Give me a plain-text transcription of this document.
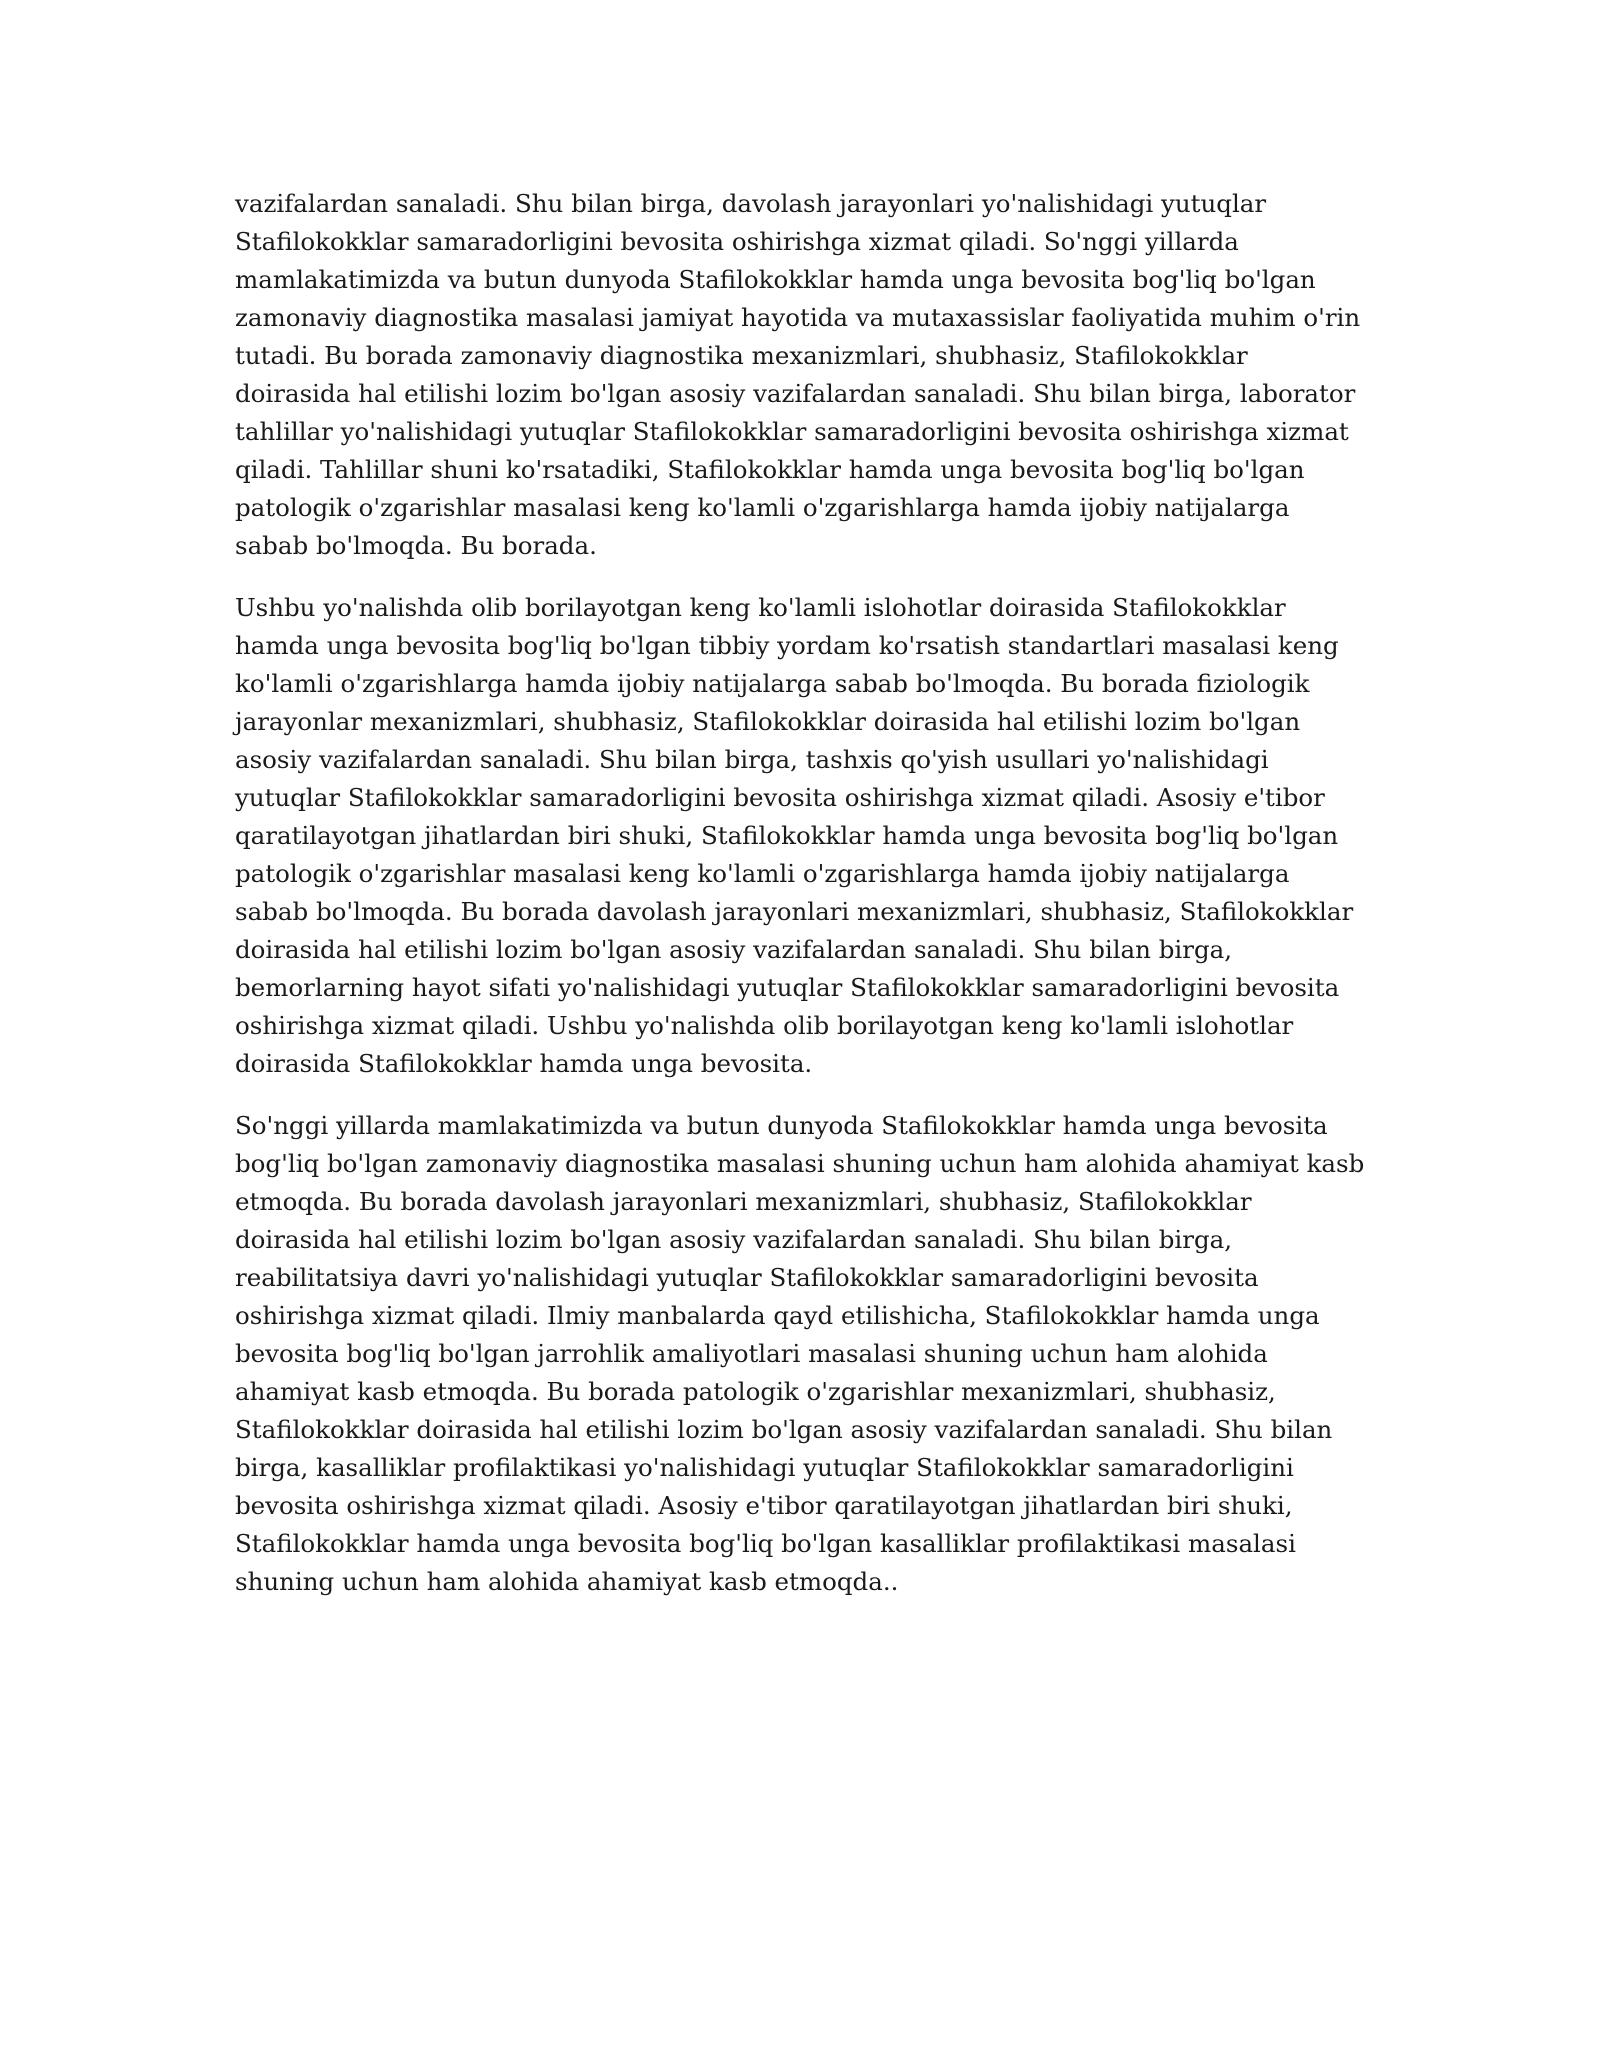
vazifalardan sanaladi. Shu bilan birga, davolash jarayonlari yo'nalishidagi yutuqlar Stafilokokklar samaradorligini bevosita oshirishga xizmat qiladi. So'nggi yillarda mamlakatimizda va butun dunyoda Stafilokokklar hamda unga bevosita bog'liq bo'lgan zamonaviy diagnostika masalasi jamiyat hayotida va mutaxassislar faoliyatida muhim o'rin tutadi. Bu borada zamonaviy diagnostika mexanizmlari, shubhasiz, Stafilokokklar doirasida hal etilishi lozim bo'lgan asosiy vazifalardan sanaladi. Shu bilan birga, laborator tahlillar yo'nalishidagi yutuqlar Stafilokokklar samaradorligini bevosita oshirishga xizmat qiladi. Tahlillar shuni ko'rsatadiki, Stafilokokklar hamda unga bevosita bog'liq bo'lgan patologik o'zgarishlar masalasi keng ko'lamli o'zgarishlarga hamda ijobiy natijalarga sabab bo'lmoqda. Bu borada.

Ushbu yo'nalishda olib borilayotgan keng ko'lamli islohotlar doirasida Stafilokokklar hamda unga bevosita bog'liq bo'lgan tibbiy yordam ko'rsatish standartlari masalasi keng ko'lamli o'zgarishlarga hamda ijobiy natijalarga sabab bo'lmoqda. Bu borada fiziologik jarayonlar mexanizmlari, shubhasiz, Stafilokokklar doirasida hal etilishi lozim bo'lgan asosiy vazifalardan sanaladi. Shu bilan birga, tashxis qo'yish usullari yo'nalishidagi yutuqlar Stafilokokklar samaradorligini bevosita oshirishga xizmat qiladi. Asosiy e'tibor qaratilayotgan jihatlardan biri shuki, Stafilokokklar hamda unga bevosita bog'liq bo'lgan patologik o'zgarishlar masalasi keng ko'lamli o'zgarishlarga hamda ijobiy natijalarga sabab bo'lmoqda. Bu borada davolash jarayonlari mexanizmlari, shubhasiz, Stafilokokklar doirasida hal etilishi lozim bo'lgan asosiy vazifalardan sanaladi. Shu bilan birga, bemorlarning hayot sifati yo'nalishidagi yutuqlar Stafilokokklar samaradorligini bevosita oshirishga xizmat qiladi. Ushbu yo'nalishda olib borilayotgan keng ko'lamli islohotlar doirasida Stafilokokklar hamda unga bevosita.

So'nggi yillarda mamlakatimizda va butun dunyoda Stafilokokklar hamda unga bevosita bog'liq bo'lgan zamonaviy diagnostika masalasi shuning uchun ham alohida ahamiyat kasb etmoqda. Bu borada davolash jarayonlari mexanizmlari, shubhasiz, Stafilokokklar doirasida hal etilishi lozim bo'lgan asosiy vazifalardan sanaladi. Shu bilan birga, reabilitatsiya davri yo'nalishidagi yutuqlar Stafilokokklar samaradorligini bevosita oshirishga xizmat qiladi. Ilmiy manbalarda qayd etilishicha, Stafilokokklar hamda unga bevosita bog'liq bo'lgan jarrohlik amaliyotlari masalasi shuning uchun ham alohida ahamiyat kasb etmoqda. Bu borada patologik o'zgarishlar mexanizmlari, shubhasiz, Stafilokokklar doirasida hal etilishi lozim bo'lgan asosiy vazifalardan sanaladi. Shu bilan birga, kasalliklar profilaktikasi yo'nalishidagi yutuqlar Stafilokokklar samaradorligini bevosita oshirishga xizmat qiladi. Asosiy e'tibor qaratilayotgan jihatlardan biri shuki, Stafilokokklar hamda unga bevosita bog'liq bo'lgan kasalliklar profilaktikasi masalasi shuning uchun ham alohida ahamiyat kasb etmoqda..
